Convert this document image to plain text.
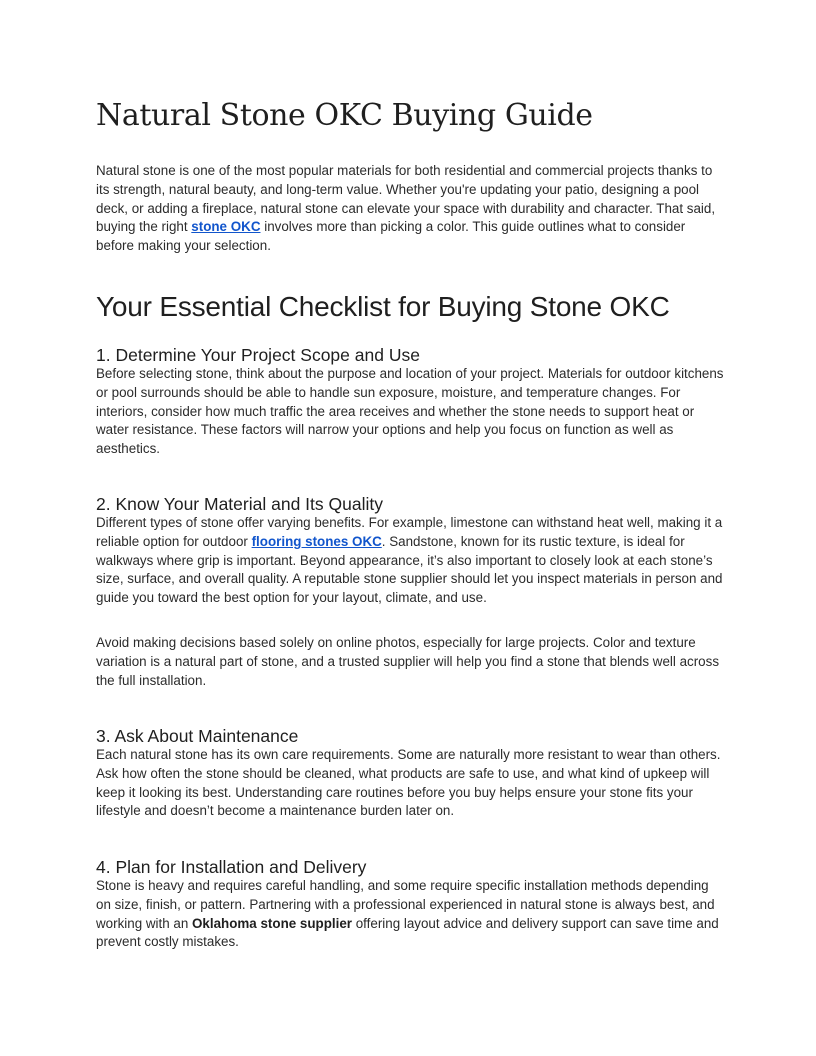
Natural Stone OKC Buying Guide

Natural stone is one of the most popular materials for both residential and commercial projects thanks to its strength, natural beauty, and long-term value. Whether you're updating your patio, designing a pool deck, or adding a fireplace, natural stone can elevate your space with durability and character. That said, buying the right stone OKC involves more than picking a color. This guide outlines what to consider before making your selection.

Your Essential Checklist for Buying Stone OKC
1. Determine Your Project Scope and Use

Before selecting stone, think about the purpose and location of your project. Materials for outdoor kitchens or pool surrounds should be able to handle sun exposure, moisture, and temperature changes. For interiors, consider how much traffic the area receives and whether the stone needs to support heat or water resistance. These factors will narrow your options and help you focus on function as well as aesthetics.

2. Know Your Material and Its Quality

Different types of stone offer varying benefits. For example, limestone can withstand heat well, making it a reliable option for outdoor flooring stones OKC. Sandstone, known for its rustic texture, is ideal for walkways where grip is important. Beyond appearance, it’s also important to closely look at each stone’s size, surface, and overall quality. A reputable stone supplier should let you inspect materials in person and guide you toward the best option for your layout, climate, and use.

Avoid making decisions based solely on online photos, especially for large projects. Color and texture variation is a natural part of stone, and a trusted supplier will help you find a stone that blends well across the full installation.

3. Ask About Maintenance

Each natural stone has its own care requirements. Some are naturally more resistant to wear than others. Ask how often the stone should be cleaned, what products are safe to use, and what kind of upkeep will keep it looking its best. Understanding care routines before you buy helps ensure your stone fits your lifestyle and doesn’t become a maintenance burden later on.

4. Plan for Installation and Delivery

Stone is heavy and requires careful handling, and some require specific installation methods depending on size, finish, or pattern. Partnering with a professional experienced in natural stone is always best, and working with an Oklahoma stone supplier offering layout advice and delivery support can save time and prevent costly mistakes.
